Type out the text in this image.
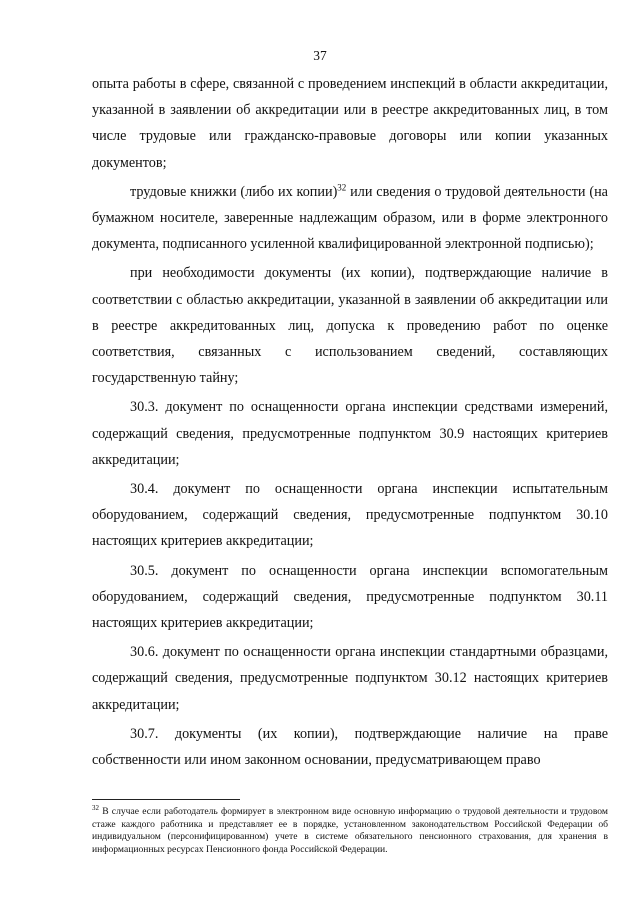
37

опыта работы в сфере, связанной с проведением инспекций в области аккредитации, указанной в заявлении об аккредитации или в реестре аккредитованных лиц, в том числе трудовые или гражданско-правовые договоры или копии указанных документов;

трудовые книжки (либо их копии)$^{32}$ или сведения о трудовой деятельности (на бумажном носителе, заверенные надлежащим образом, или в форме электронного документа, подписанного усиленной квалифицированной электронной подписью);

при необходимости документы (их копии), подтверждающие наличие в соответствии с областью аккредитации, указанной в заявлении об аккредитации или в реестре аккредитованных лиц, допуска к проведению работ по оценке соответствия, связанных с использованием сведений, составляющих государственную тайну;

30.3. документ по оснащенности органа инспекции средствами измерений, содержащий сведения, предусмотренные подпунктом 30.9 настоящих критериев аккредитации;

30.4. документ по оснащенности органа инспекции испытательным оборудованием, содержащий сведения, предусмотренные подпунктом 30.10 настоящих критериев аккредитации;

30.5. документ по оснащенности органа инспекции вспомогательным оборудованием, содержащий сведения, предусмотренные подпунктом 30.11 настоящих критериев аккредитации;

30.6. документ по оснащенности органа инспекции стандартными образцами, содержащий сведения, предусмотренные подпунктом 30.12 настоящих критериев аккредитации;

30.7. документы (их копии), подтверждающие наличие на праве собственности или ином законном основании, предусматривающем право

$^{32}$ В случае если работодатель формирует в электронном виде основную информацию о трудовой деятельности и трудовом стаже каждого работника и представляет ее в порядке, установленном законодательством Российской Федерации об индивидуальном (персонифицированном) учете в системе обязательного пенсионного страхования, для хранения в информационных ресурсах Пенсионного фонда Российской Федерации.
